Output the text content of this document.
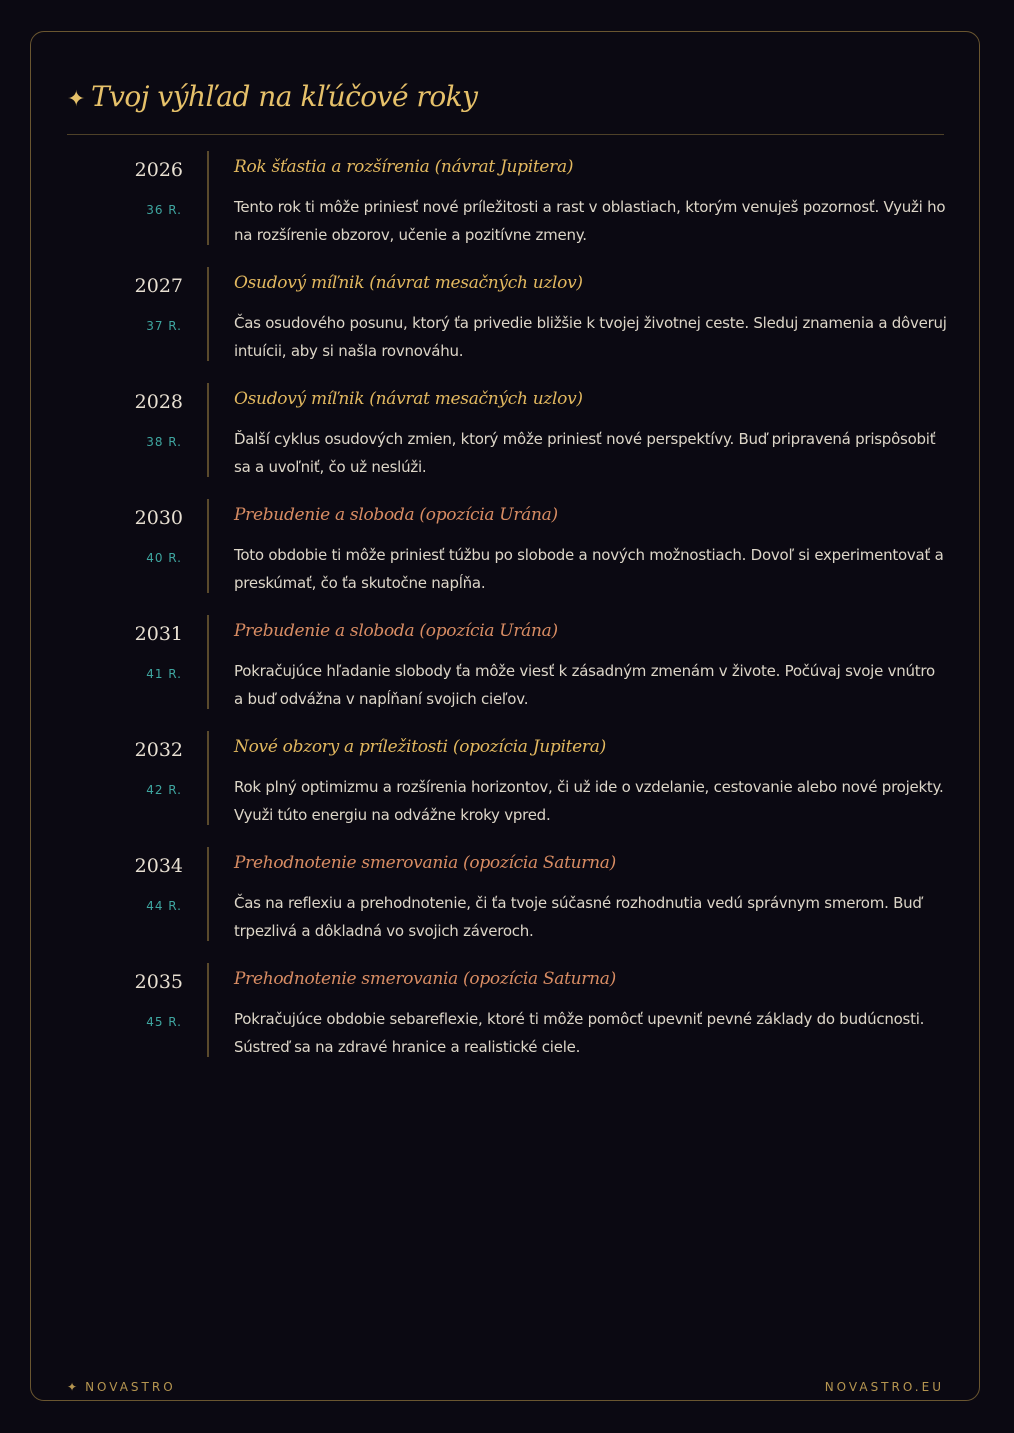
✦ Tvoj výhľad na kľúčové roky
2026
36 R.
Rok šťastia a rozšírenia (návrat Jupitera)
Tento rok ti môže priniesť nové príležitosti a rast v oblastiach, ktorým venuješ pozornosť. Využi ho na rozšírenie obzorov, učenie a pozitívne zmeny.
2027
37 R.
Osudový míľnik (návrat mesačných uzlov)
Čas osudového posunu, ktorý ťa privedie bližšie k tvojej životnej ceste. Sleduj znamenia a dôveruj intuícii, aby si našla rovnováhu.
2028
38 R.
Osudový míľnik (návrat mesačných uzlov)
Ďalší cyklus osudových zmien, ktorý môže priniesť nové perspektívy. Buď pripravená prispôsobiť sa a uvoľniť, čo už neslúži.
2030
40 R.
Prebudenie a sloboda (opozícia Urána)
Toto obdobie ti môže priniesť túžbu po slobode a nových možnostiach. Dovoľ si experimentovať a preskúmať, čo ťa skutočne napĺňa.
2031
41 R.
Prebudenie a sloboda (opozícia Urána)
Pokračujúce hľadanie slobody ťa môže viesť k zásadným zmenám v živote. Počúvaj svoje vnútro a buď odvážna v napĺňaní svojich cieľov.
2032
42 R.
Nové obzory a príležitosti (opozícia Jupitera)
Rok plný optimizmu a rozšírenia horizontov, či už ide o vzdelanie, cestovanie alebo nové projekty. Využi túto energiu na odvážne kroky vpred.
2034
44 R.
Prehodnotenie smerovania (opozícia Saturna)
Čas na reflexiu a prehodnotenie, či ťa tvoje súčasné rozhodnutia vedú správnym smerom. Buď trpezlivá a dôkladná vo svojich záveroch.
2035
45 R.
Prehodnotenie smerovania (opozícia Saturna)
Pokračujúce obdobie sebareflexie, ktoré ti môže pomôcť upevniť pevné základy do budúcnosti. Sústreď sa na zdravé hranice a realistické ciele.
✦ NOVASTRO	NOVASTRO.EU
